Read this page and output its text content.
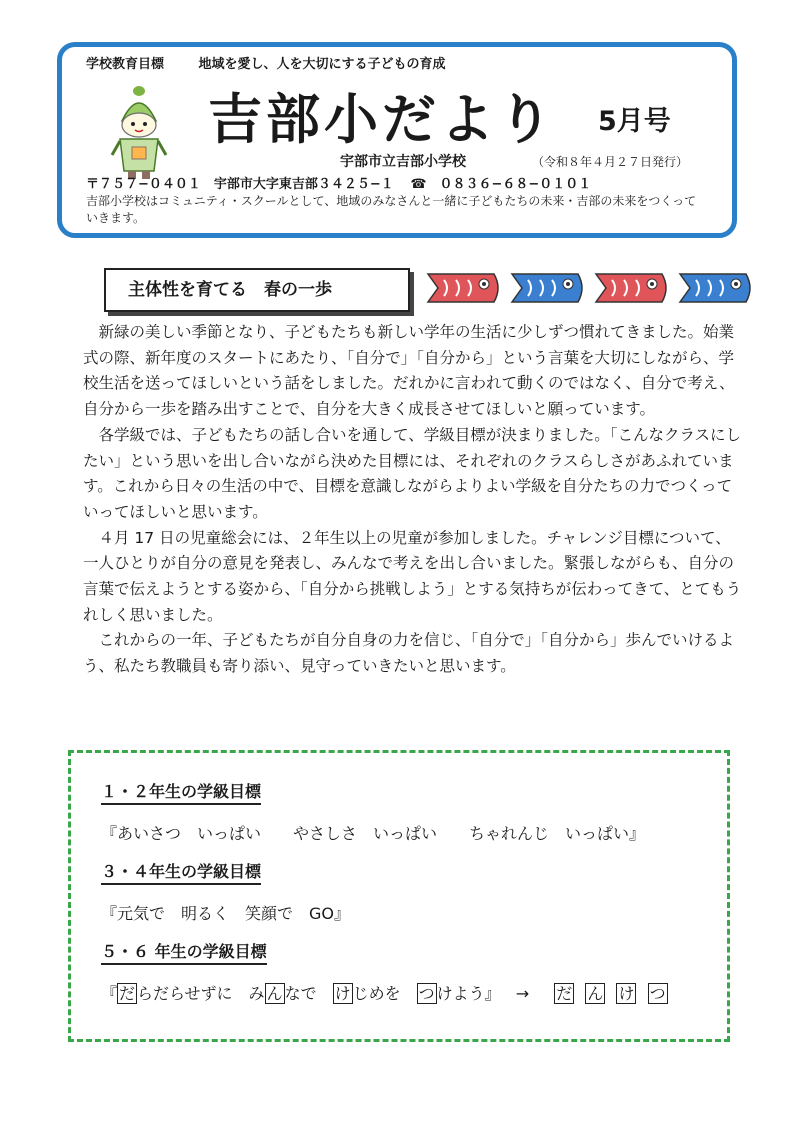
学校教育目標	地域を愛し、人を大切にする子どもの育成
吉部小だより 5月号
宇部市立吉部小学校	（令和８年４月２７日発行）
〒７５７−０４０１　宇部市大字東吉部３４２５−１ ☎　０８３６−６８−０１０１
吉部小学校はコミュニティ・スクールとして、地域のみなさんと一緒に子どもたちの未来・吉部の未来をつくっていきます。
主体性を育てる　春の一歩

新緑の美しい季節となり、子どもたちも新しい学年の生活に少しずつ慣れてきました。始業式の際、新年度のスタートにあたり、「自分で」「自分から」という言葉を大切にしながら、学校生活を送ってほしいという話をしました。だれかに言われて動くのではなく、自分で考え、自分から一歩を踏み出すことで、自分を大きく成長させてほしいと願っています。

各学級では、子どもたちの話し合いを通して、学級目標が決まりました。「こんなクラスにしたい」という思いを出し合いながら決めた目標には、それぞれのクラスらしさがあふれています。これから日々の生活の中で、目標を意識しながらよりよい学級を自分たちの力でつくっていってほしいと思います。

４月 17 日の児童総会には、２年生以上の児童が参加しました。チャレンジ目標について、一人ひとりが自分の意見を発表し、みんなで考えを出し合いました。緊張しながらも、自分の言葉で伝えようとする姿から、「自分から挑戦しよう」とする気持ちが伝わってきて、とてもうれしく思いました。

これからの一年、子どもたちが自分自身の力を信じ、「自分で」「自分から」歩んでいけるよう、私たち教職員も寄り添い、見守っていきたいと思います。

１・２年生の学級目標
『あいさつ　いっぱい　　やさしさ　いっぱい　　ちゃれんじ　いっぱい』
３・４年生の学級目標
『元気で　明るく　笑顔で　GO』
５・６ 年生の学級目標
『 だ らだらせずに　み ん なで　け じめを　つ けよう』 → だ ん け つ
